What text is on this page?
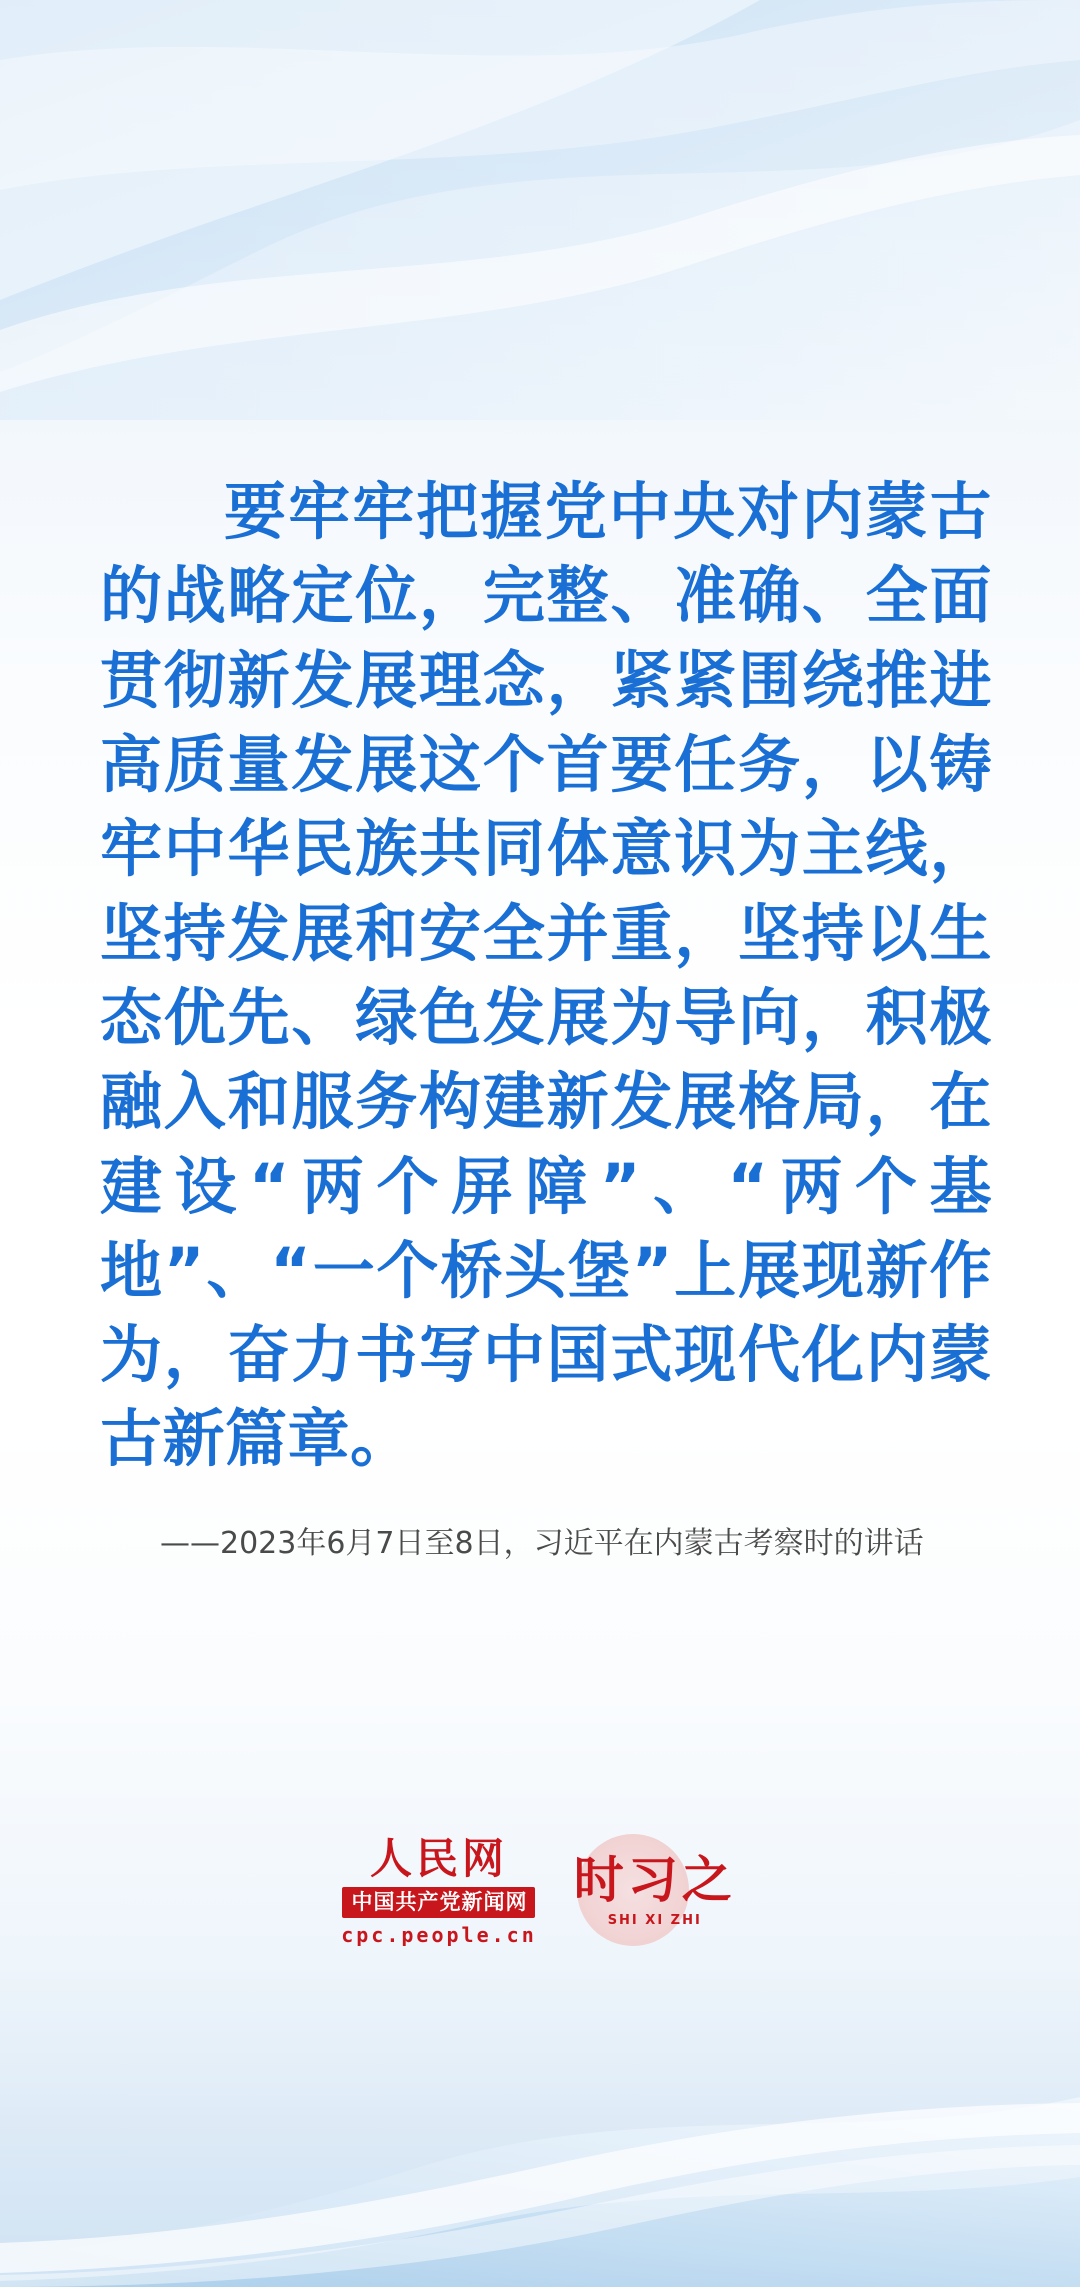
要牢牢把握党中央对内蒙古的战略定位，完整、准确、全面贯彻新发展理念，紧紧围绕推进高质量发展这个首要任务，以铸牢中华民族共同体意识为主线，坚持发展和安全并重，坚持以生态优先、绿色发展为导向，积极融入和服务构建新发展格局，在建设“两个屏障”、“两个基地”、“一个桥头堡”上展现新作为，奋力书写中国式现代化内蒙古新篇章。
——2023年6月7日至8日，习近平在内蒙古考察时的讲话
人民网
中国共产党新闻网
cpc.people.cn
时习之
SHI XI ZHI
